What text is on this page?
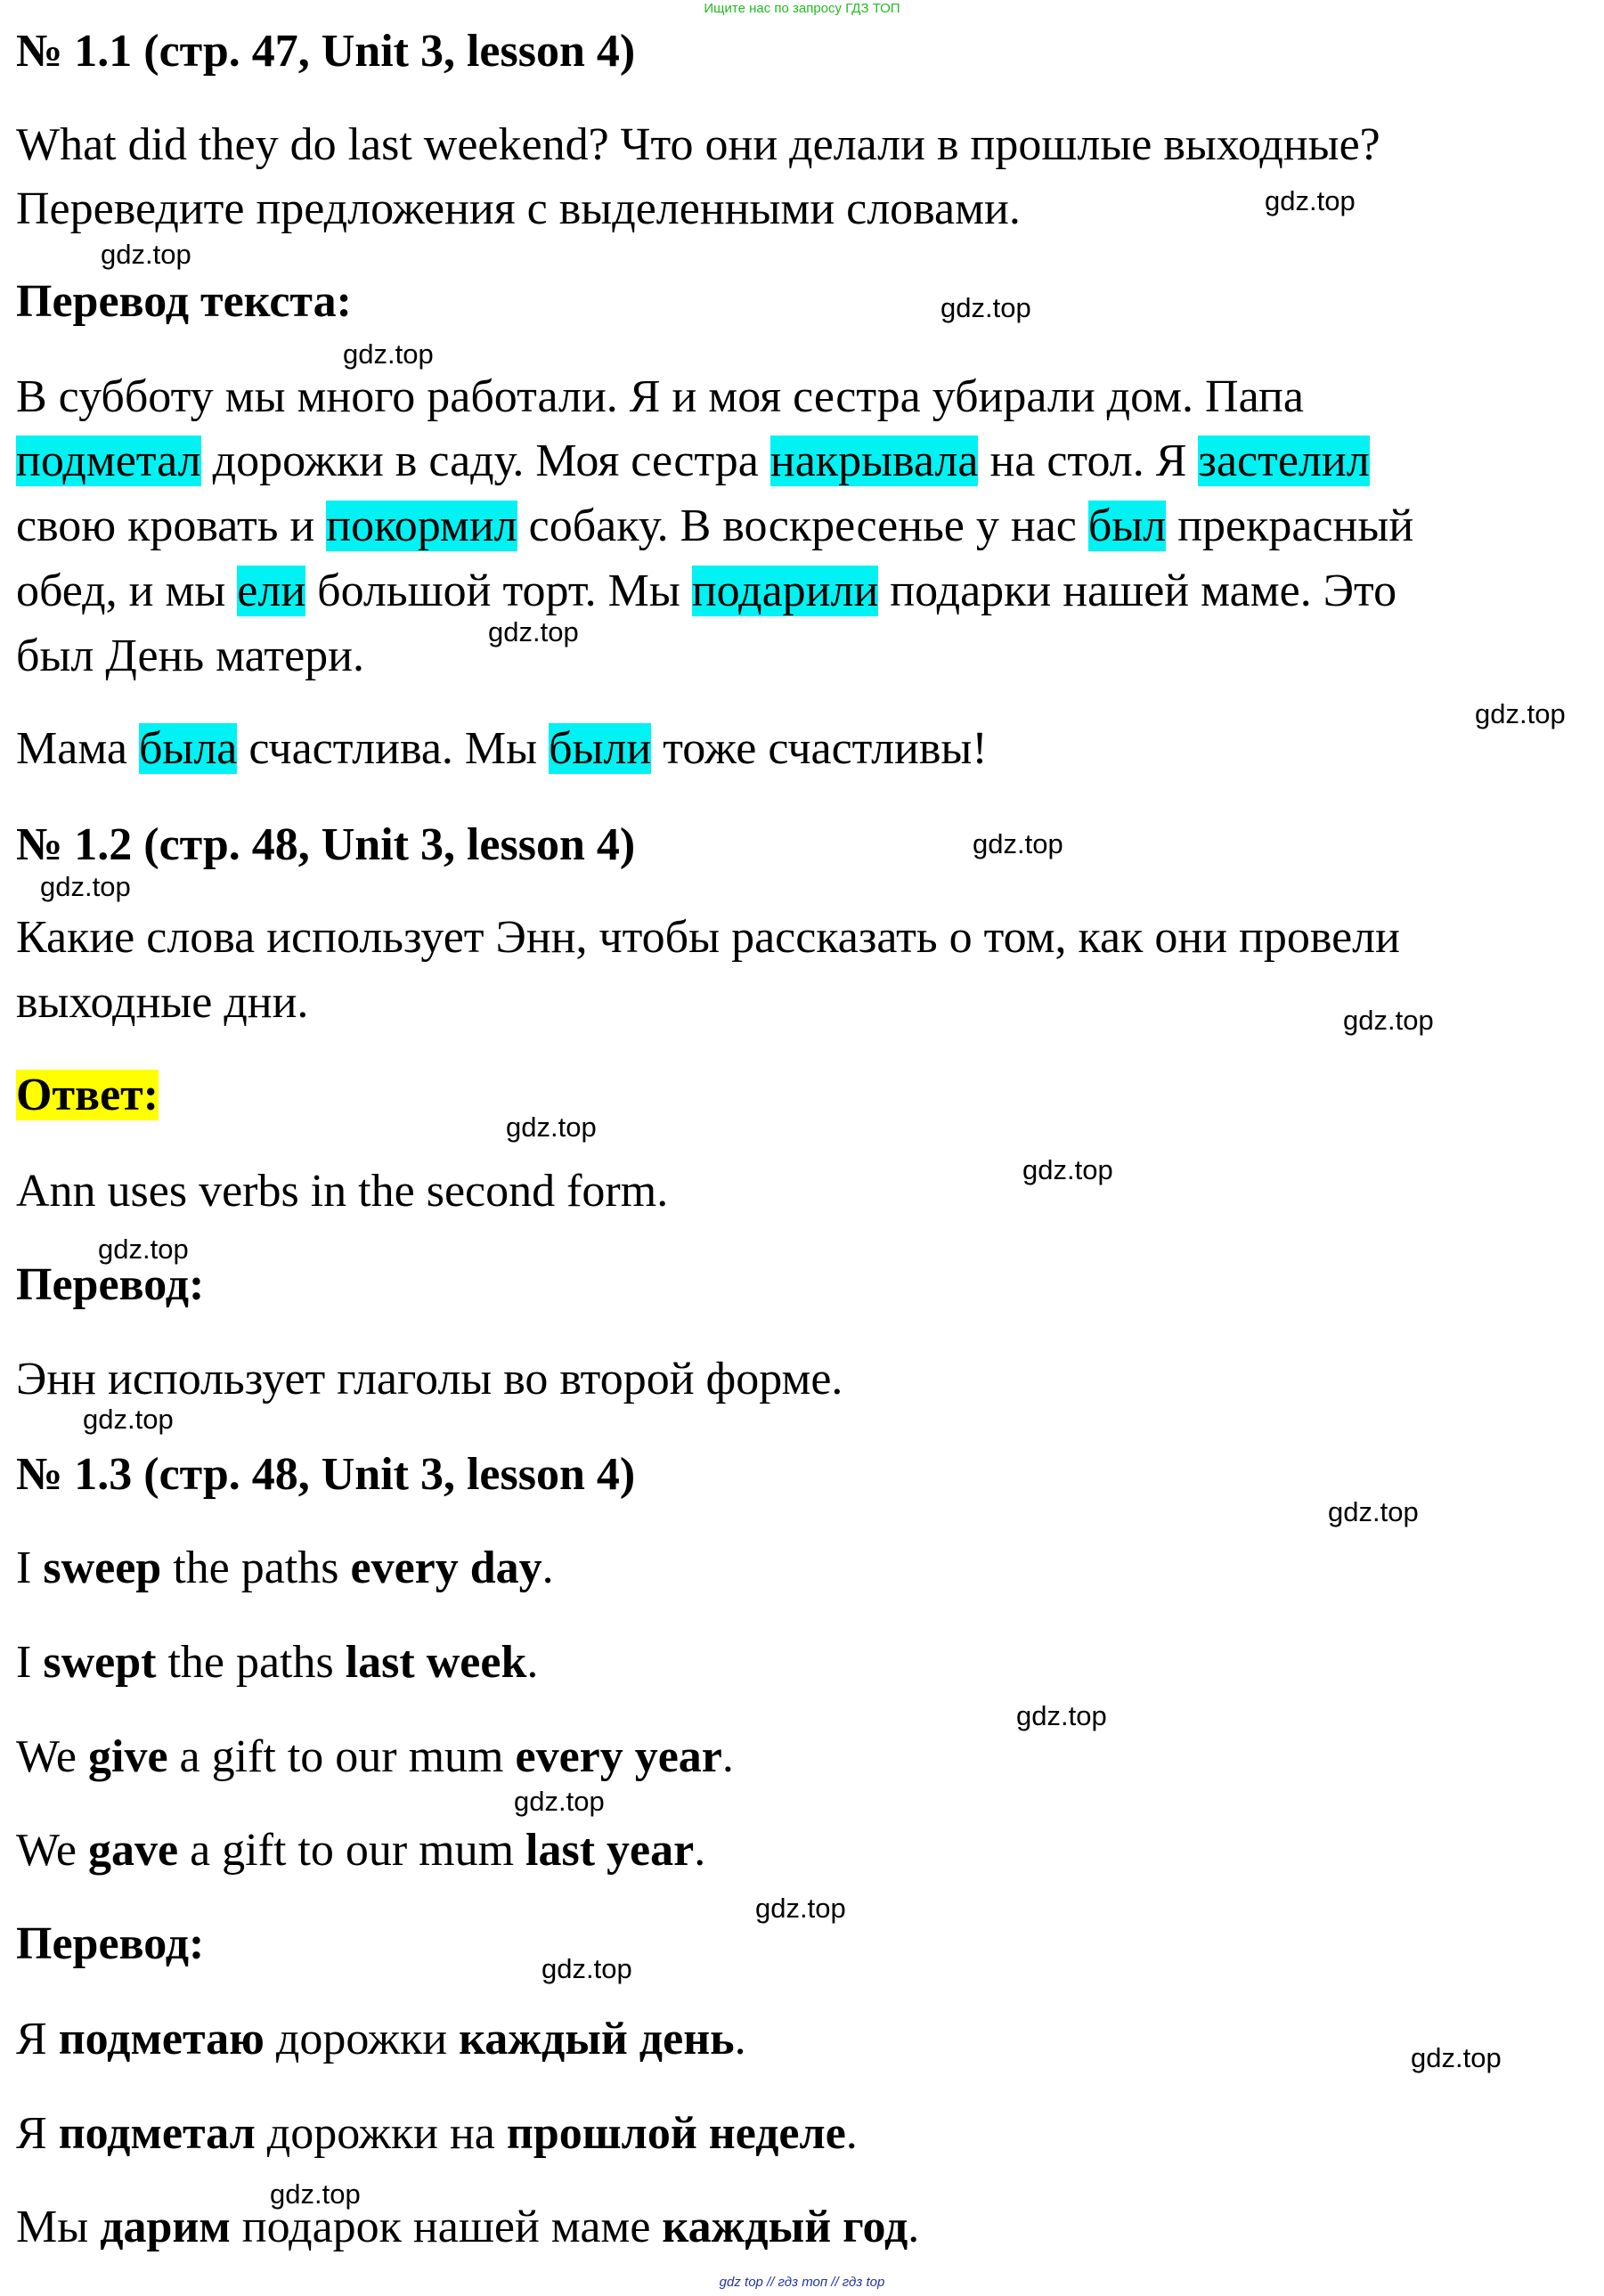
Ищите нас по запросу ГДЗ ТОП
№ 1.1 (стр. 47, Unit 3, lesson 4)
What did they do last weekend? Что они делали в прошлые выходные?
Переведите предложения с выделенными словами.
Перевод текста:
В субботу мы много работали. Я и моя сестра убирали дом. Папа
подметал дорожки в саду. Моя сестра накрывала на стол. Я застелил
свою кровать и покормил собаку. В воскресенье у нас был прекрасный
обед, и мы ели большой торт. Мы подарили подарки нашей маме. Это
был День матери.
Мама была счастлива. Мы были тоже счастливы!
№ 1.2 (стр. 48, Unit 3, lesson 4)
Какие слова использует Энн, чтобы рассказать о том, как они провели
выходные дни.
Ответ:
Ann uses verbs in the second form.
Перевод:
Энн использует глаголы во второй форме.
№ 1.3 (стр. 48, Unit 3, lesson 4)
I sweep the paths every day.
I swept the paths last week.
We give a gift to our mum every year.
We gave a gift to our mum last year.
Перевод:
Я подметаю дорожки каждый день.
Я подметал дорожки на прошлой неделе.
Мы дарим подарок нашей маме каждый год.
gdz.top
gdz.top
gdz.top
gdz.top
gdz.top
gdz.top
gdz.top
gdz.top
gdz.top
gdz.top
gdz.top
gdz.top
gdz.top
gdz.top
gdz.top
gdz.top
gdz.top
gdz.top
gdz.top
gdz.top
gdz top // гдз топ // гдз top
